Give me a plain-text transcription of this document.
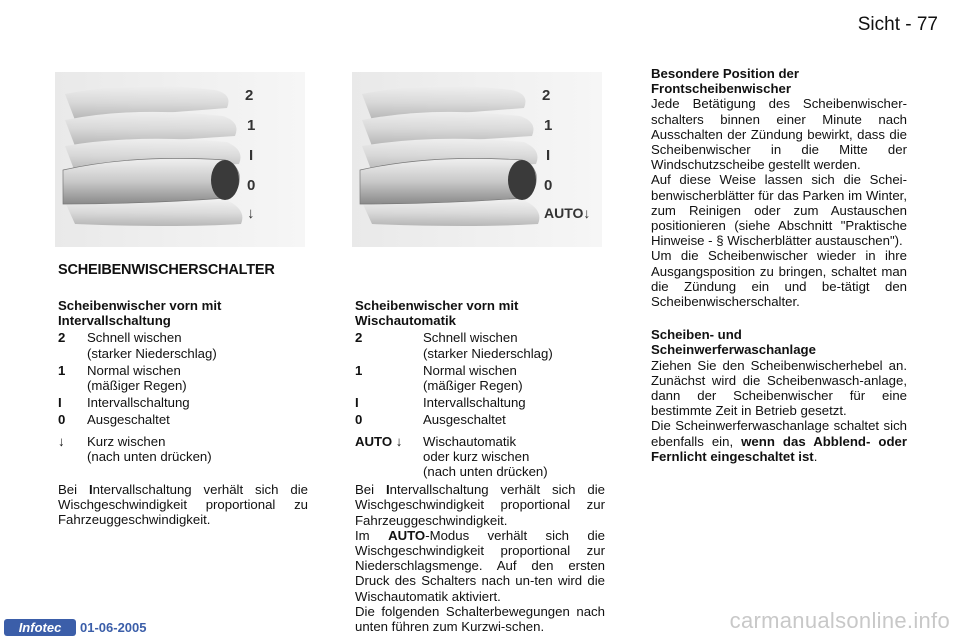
Sicht - 77
2
1
I
0
↓
2
1
I
0
AUTO↓
SCHEIBENWISCHERSCHALTER

Scheibenwischer vorn mit Intervallschaltung

2	Schnell wischen
(starker Niederschlag)
1	Normal wischen
(mäßiger Regen)
I	Intervallschaltung
0	Ausgeschaltet
↓	Kurz wischen
(nach unten drücken)

Bei Intervallschaltung verhält sich die Wischgeschwindigkeit proportional zu Fahrzeuggeschwindigkeit.

Scheibenwischer vorn mit Wischautomatik

2	Schnell wischen
(starker Niederschlag)
1	Normal wischen
(mäßiger Regen)
I	Intervallschaltung
0	Ausgeschaltet
AUTO ↓	Wischautomatik
oder kurz wischen
(nach unten drücken)

Bei Intervallschaltung verhält sich die Wischgeschwindigkeit proportional zur Fahrzeuggeschwindigkeit.

Im AUTO-Modus verhält sich die Wischgeschwindigkeit proportional zur Niederschlagsmenge. Auf den ersten Druck des Schalters nach un-ten wird die Wischautomatik aktiviert.

Die folgenden Schalterbewegungen nach unten führen zum Kurzwi-schen.

Besondere Position der Frontscheibenwischer

Jede Betätigung des Scheibenwischer-schalters binnen einer Minute nach Ausschalten der Zündung bewirkt, dass die Scheibenwischer in die Mitte der Windschutzscheibe gestellt werden.

Auf diese Weise lassen sich die Schei-benwischerblätter für das Parken im Winter, zum Reinigen oder zum Austauschen positionieren (siehe Abschnitt "Praktische Hinweise - § Wischerblätter austauschen").

Um die Scheibenwischer wieder in ihre Ausgangsposition zu bringen, schaltet man die Zündung ein und be-tätigt den Scheibenwischerschalter.

Scheiben- und Scheinwerferwaschanlage

Ziehen Sie den Scheibenwischerhebel an. Zunächst wird die Scheibenwasch-anlage, dann der Scheibenwischer für eine bestimmte Zeit in Betrieb gesetzt.

Die Scheinwerferwaschanlage schaltet sich ebenfalls ein, wenn das Abblend- oder Fernlicht eingeschaltet ist.

Infotec	01-06-2005	carmanualsonline.info
